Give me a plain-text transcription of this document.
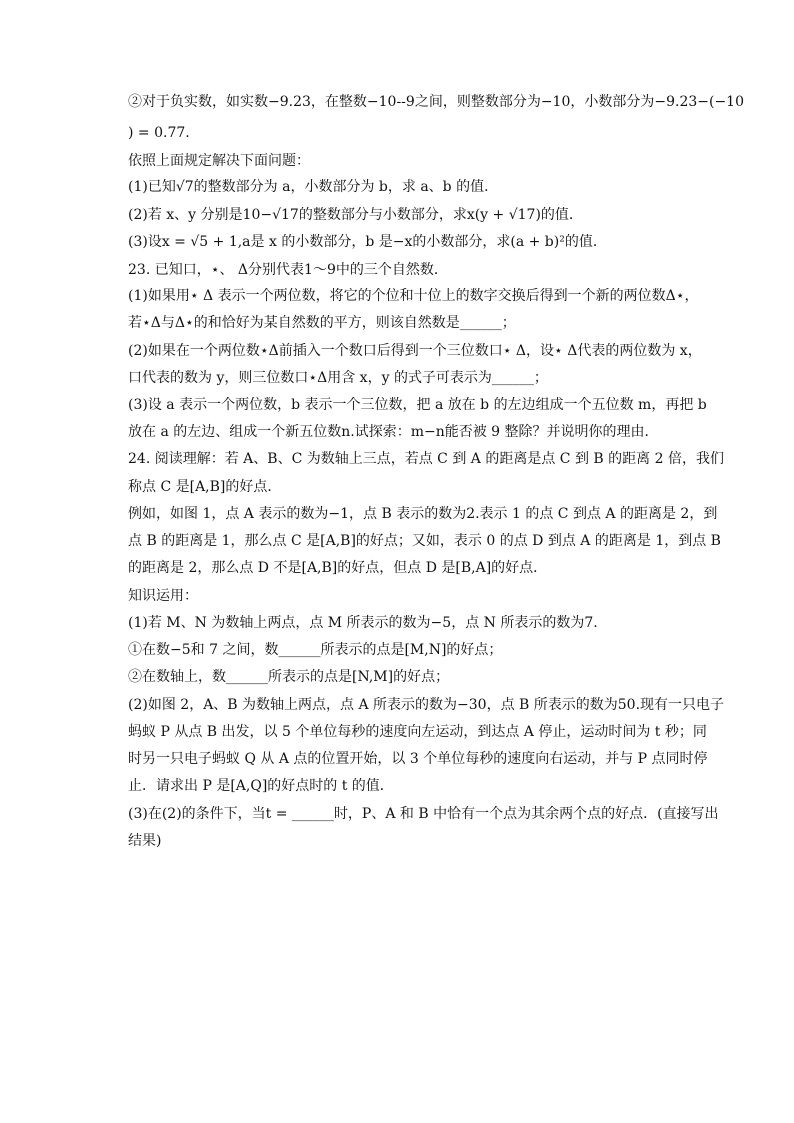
②对于负实数，如实数−9.23，在整数−10--9之间，则整数部分为−10，小数部分为−9.23−(−10
) = 0.77.
依照上面规定解决下面问题：
(1)已知√7的整数部分为 a，小数部分为 b，求 a、b 的值．
(2)若 x、y 分别是10−√17的整数部分与小数部分，求x(y + √17)的值．
(3)设x = √5 + 1,a是 x 的小数部分，b 是−x的小数部分，求(a + b)²的值．
23. 已知口，⋆、 Δ分别代表1～9中的三个自然数．
(1)如果用⋆ Δ 表示一个两位数，将它的个位和十位上的数字交换后得到一个新的两位数Δ⋆，
若⋆Δ与Δ⋆的和恰好为某自然数的平方，则该自然数是______；
(2)如果在一个两位数⋆Δ前插入一个数口后得到一个三位数口⋆ Δ，设⋆ Δ代表的两位数为 x，
口代表的数为 y，则三位数口⋆Δ用含 x，y 的式子可表示为______；
(3)设 a 表示一个两位数，b 表示一个三位数，把 a 放在 b 的左边组成一个五位数 m，再把 b
放在 a 的左边、组成一个新五位数n.试探索：m−n能否被 9 整除？并说明你的理由．
24. 阅读理解：若 A、B、C 为数轴上三点，若点 C 到 A 的距离是点 C 到 B 的距离 2 倍，我们
称点 C 是[A,B]的好点．
例如，如图 1，点 A 表示的数为−1，点 B 表示的数为2.表示 1 的点 C 到点 A 的距离是 2，到
点 B 的距离是 1，那么点 C 是[A,B]的好点；又如，表示 0 的点 D 到点 A 的距离是 1，到点 B
的距离是 2，那么点 D 不是[A,B]的好点，但点 D 是[B,A]的好点．
知识运用：
(1)若 M、N 为数轴上两点，点 M 所表示的数为−5，点 N 所表示的数为7.
①在数−5和 7 之间，数______所表示的点是[M,N]的好点；
②在数轴上，数______所表示的点是[N,M]的好点；
(2)如图 2，A、B 为数轴上两点，点 A 所表示的数为−30，点 B 所表示的数为50.现有一只电子
蚂蚁 P 从点 B 出发，以 5 个单位每秒的速度向左运动，到达点 A 停止，运动时间为 t 秒；同
时另一只电子蚂蚁 Q 从 A 点的位置开始，以 3 个单位每秒的速度向右运动，并与 P 点同时停
止．请求出 P 是[A,Q]的好点时的 t 的值．
(3)在(2)的条件下，当t = ______时，P、A 和 B 中恰有一个点为其余两个点的好点．(直接写出
结果)
